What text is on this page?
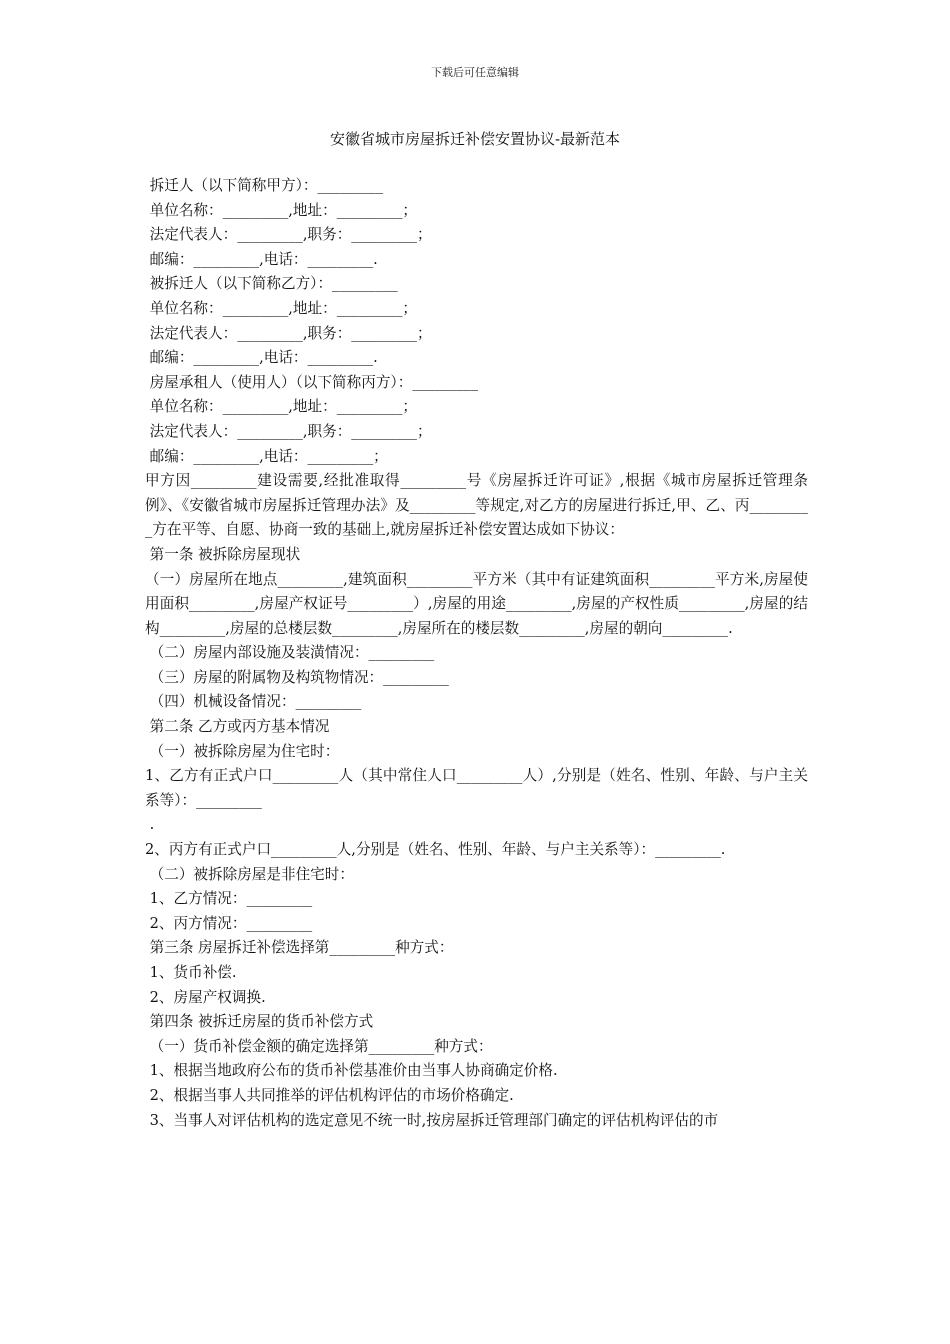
下载后可任意编辑
安徽省城市房屋拆迁补偿安置协议-最新范本

拆迁人（以下简称甲方）：_________

单位名称：_________,地址：_________；

法定代表人：_________,职务：_________；

邮编：_________,电话：_________.

被拆迁人（以下简称乙方）：_________

单位名称：_________,地址：_________；

法定代表人：_________,职务：_________；

邮编：_________,电话：_________.

房屋承租人（使用人）（以下简称丙方）：_________

单位名称：_________,地址：_________；

法定代表人：_________,职务：_________；

邮编：_________,电话：_________；

甲方因_________建设需要,经批准取得_________号《房屋拆迁许可证》,根据《城市房屋拆迁管理条例》、《安徽省城市房屋拆迁管理办法》及_________等规定,对乙方的房屋进行拆迁,甲、乙、丙_________方在平等、自愿、协商一致的基础上,就房屋拆迁补偿安置达成如下协议：

第一条 被拆除房屋现状

（一）房屋所在地点_________,建筑面积_________平方米（其中有证建筑面积_________平方米,房屋使用面积_________,房屋产权证号_________）,房屋的用途_________,房屋的产权性质_________,房屋的结构_________,房屋的总楼层数_________,房屋所在的楼层数_________,房屋的朝向_________.

（二）房屋内部设施及装潢情况：_________

（三）房屋的附属物及构筑物情况：_________

（四）机械设备情况：_________

第二条 乙方或丙方基本情况

（一）被拆除房屋为住宅时：

1、乙方有正式户口_________人（其中常住人口_________人）,分别是（姓名、性别、年龄、与户主关系等）：_________

.

2、丙方有正式户口_________人,分别是（姓名、性别、年龄、与户主关系等）：_________.

（二）被拆除房屋是非住宅时：

1、乙方情况：_________

2、丙方情况：_________

第三条 房屋拆迁补偿选择第_________种方式：

1、货币补偿.

2、房屋产权调换.

第四条 被拆迁房屋的货币补偿方式

（一）货币补偿金额的确定选择第_________种方式：

1、根据当地政府公布的货币补偿基准价由当事人协商确定价格.

2、根据当事人共同推举的评估机构评估的市场价格确定.

3、当事人对评估机构的选定意见不统一时,按房屋拆迁管理部门确定的评估机构评估的市
